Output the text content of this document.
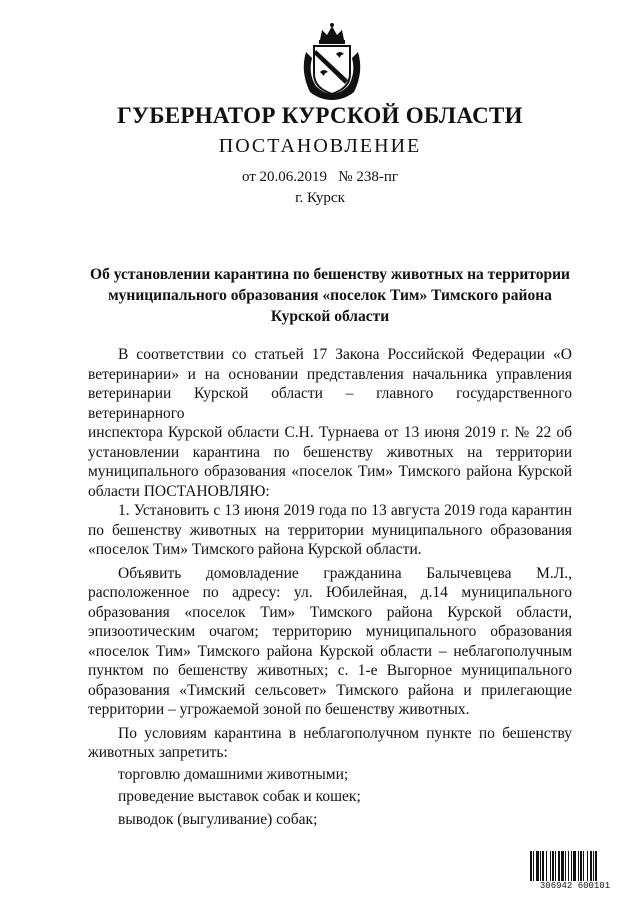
ГУБЕРНАТОР КУРСКОЙ ОБЛАСТИ
ПОСТАНОВЛЕНИЕ
от 20.06.2019   № 238-пг
г. Курск
Об установлении карантина по бешенству животных на территории
муниципального образования «поселок Тим» Тимского района
Курской области

В соответствии со статьей 17 Закона Российской Федерации «О

ветеринарии» и на основании представления начальника управления

ветеринарии Курской области – главного государственного ветеринарного

инспектора Курской области С.Н. Турнаева от 13 июня 2019 г. № 22 об

установлении карантина по бешенству животных на территории

муниципального образования «поселок Тим» Тимского района Курской

области ПОСТАНОВЛЯЮ:

1. Установить с 13 июня 2019 года по 13 августа 2019 года карантин

по бешенству животных на территории муниципального образования

«поселок Тим» Тимского района Курской области.

Объявить домовладение гражданина Балычевцева М.Л.,

расположенное по адресу: ул. Юбилейная, д.14 муниципального

образования «поселок Тим» Тимского района Курской области,

эпизоотическим очагом; территорию муниципального образования

«поселок Тим» Тимского района Курской области – неблагополучным

пунктом по бешенству животных; с. 1-е Выгорное муниципального

образования «Тимский сельсовет» Тимского района и прилегающие

территории – угрожаемой зоной по бешенству животных.

По условиям карантина в неблагополучном пункте по бешенству

животных запретить:

торговлю домашними животными;

проведение выставок собак и кошек;

выводок (выгуливание) собак;

306942 600101
